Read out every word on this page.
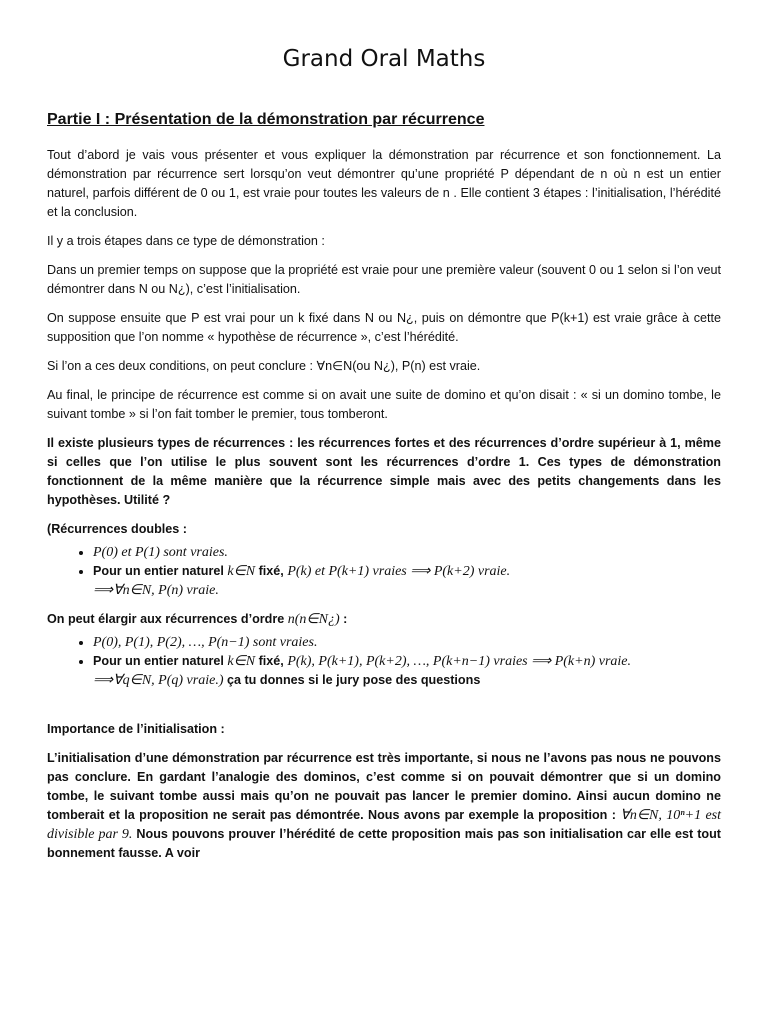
Grand Oral Maths
Partie I : Présentation de la démonstration par récurrence

Tout d’abord je vais vous présenter et vous expliquer la démonstration par récurrence et son fonctionnement. La démonstration par récurrence sert lorsqu’on veut démontrer qu’une propriété P dépendant de n où n est un entier naturel, parfois différent de 0 ou 1, est vraie pour toutes les valeurs de n . Elle contient 3 étapes : l’initialisation, l’hérédité et la conclusion.

Il y a trois étapes dans ce type de démonstration :

Dans un premier temps on suppose que la propriété est vraie pour une première valeur (souvent 0 ou 1 selon si l’on veut démontrer dans N ou N¿), c’est l’initialisation.

On suppose ensuite que P est vrai pour un k fixé dans N ou N¿, puis on démontre que P(k+1) est vraie grâce à cette supposition que l’on nomme « hypothèse de récurrence », c’est l’hérédité.

Si l’on a ces deux conditions, on peut conclure : ∀n∈N(ou N¿), P(n) est vraie.

Au final, le principe de récurrence est comme si on avait une suite de domino et qu’on disait : « si un domino tombe, le suivant tombe » si l’on fait tomber le premier, tous tomberont.

Il existe plusieurs types de récurrences : les récurrences fortes et des récurrences d’ordre supérieur à 1, même si celles que l’on utilise le plus souvent sont les récurrences d’ordre 1. Ces types de démonstration fonctionnent de la même manière que la récurrence simple mais avec des petits changements dans les hypothèses. Utilité ?

(Récurrences doubles :

• P(0) et P(1) sont vraies.
• Pour un entier naturel k∈N fixé, P(k) et P(k+1) vraies ⟹ P(k+2) vraie.
⟹∀n∈N, P(n) vraie.

On peut élargir aux récurrences d’ordre n(n∈N¿) :

• P(0), P(1), P(2), …, P(n−1) sont vraies.
• Pour un entier naturel k∈N fixé, P(k), P(k+1), P(k+2), …, P(k+n−1) vraies ⟹ P(k+n) vraie.
⟹∀q∈N, P(q) vraie.) ça tu donnes si le jury pose des questions

Importance de l’initialisation :

L’initialisation d’une démonstration par récurrence est très importante, si nous ne l’avons pas nous ne pouvons pas conclure. En gardant l’analogie des dominos, c’est comme si on pouvait démontrer que si un domino tombe, le suivant tombe aussi mais qu’on ne pouvait pas lancer le premier domino. Ainsi aucun domino ne tomberait et la proposition ne serait pas démontrée. Nous avons par exemple la proposition : ∀n∈N, 10ⁿ+1 est divisible par 9. Nous pouvons prouver l’hérédité de cette proposition mais pas son initialisation car elle est tout bonnement fausse. A voir
